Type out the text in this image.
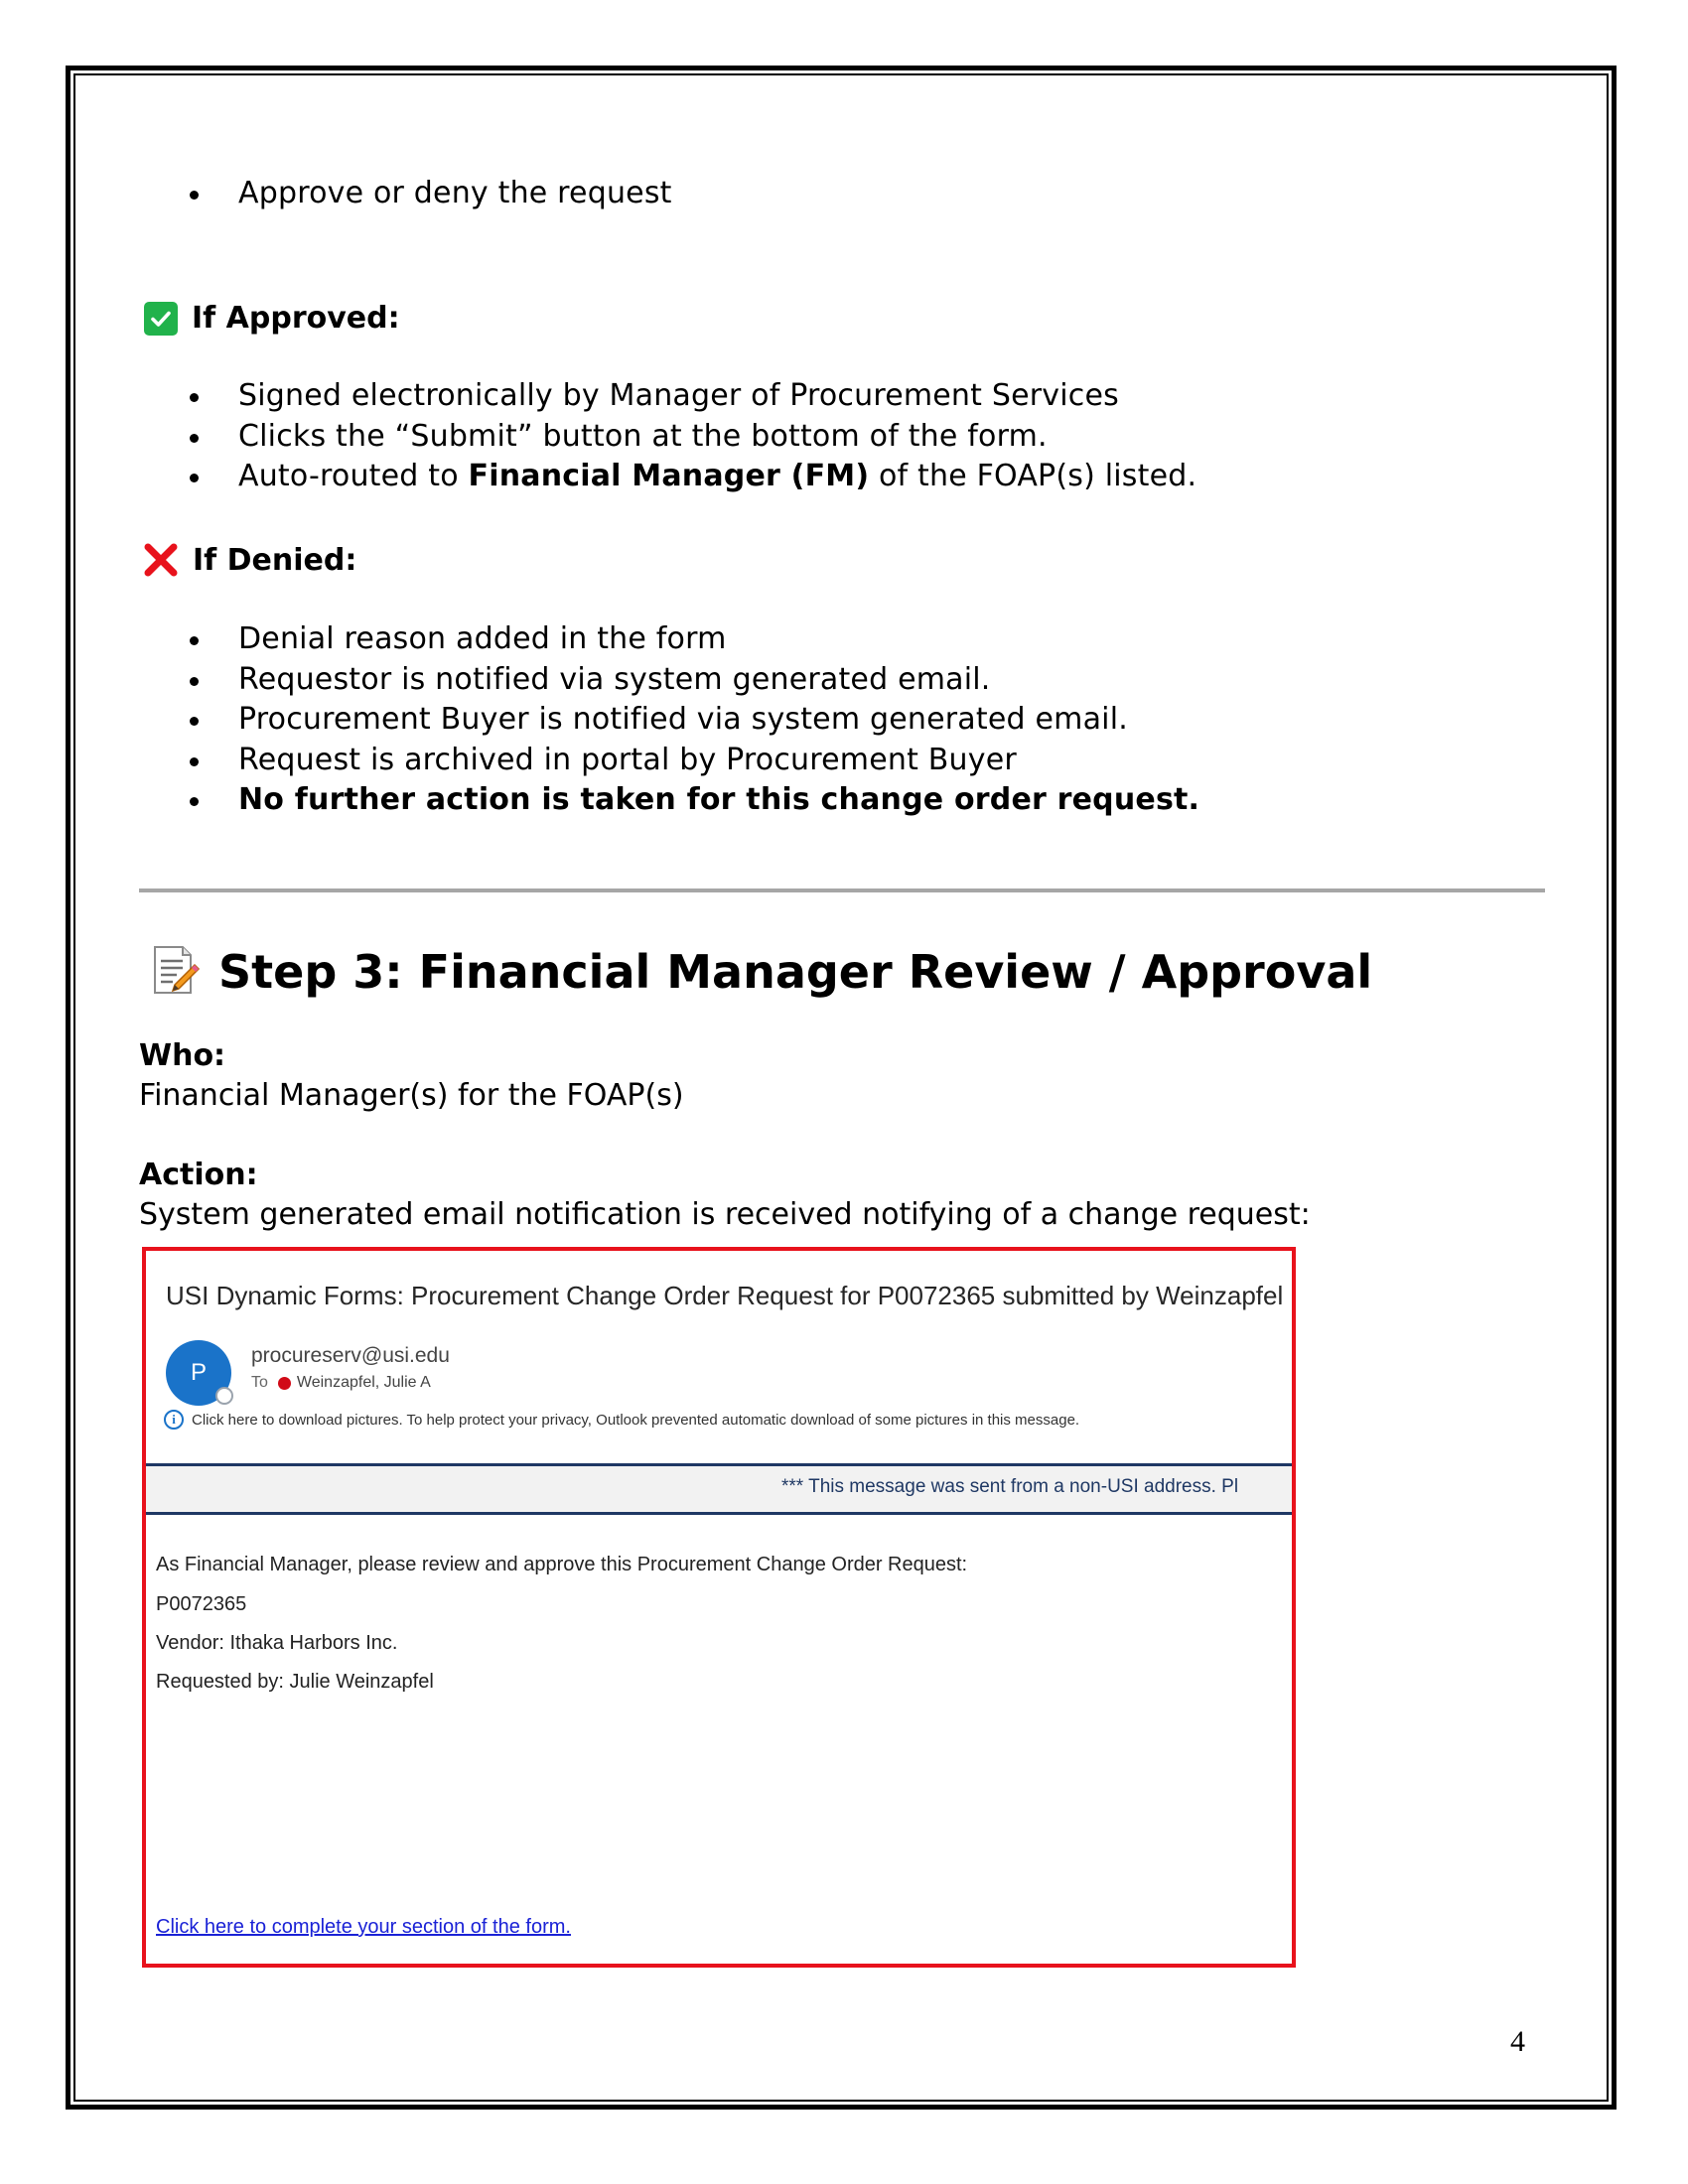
Approve or deny the request
If Approved:
Signed electronically by Manager of Procurement Services
Clicks the “Submit” button at the bottom of the form.
Auto-routed to Financial Manager (FM) of the FOAP(s) listed.
If Denied:
Denial reason added in the form
Requestor is notified via system generated email.
Procurement Buyer is notified via system generated email.
Request is archived in portal by Procurement Buyer
No further action is taken for this change order request.
Step 3: Financial Manager Review / Approval
Who:
Financial Manager(s) for the FOAP(s)
Action:
System generated email notification is received notifying of a change request:
USI Dynamic Forms: Procurement Change Order Request for P0072365 submitted by Weinzapfel
P
procureserv@usi.edu
To Weinzapfel, Julie A
i	Click here to download pictures. To help protect your privacy, Outlook prevented automatic download of some pictures in this message.
*** This message was sent from a non-USI address. Pl
As Financial Manager, please review and approve this Procurement Change Order Request:
P0072365
Vendor: Ithaka Harbors Inc.
Requested by: Julie Weinzapfel
Click here to complete your section of the form.
4
